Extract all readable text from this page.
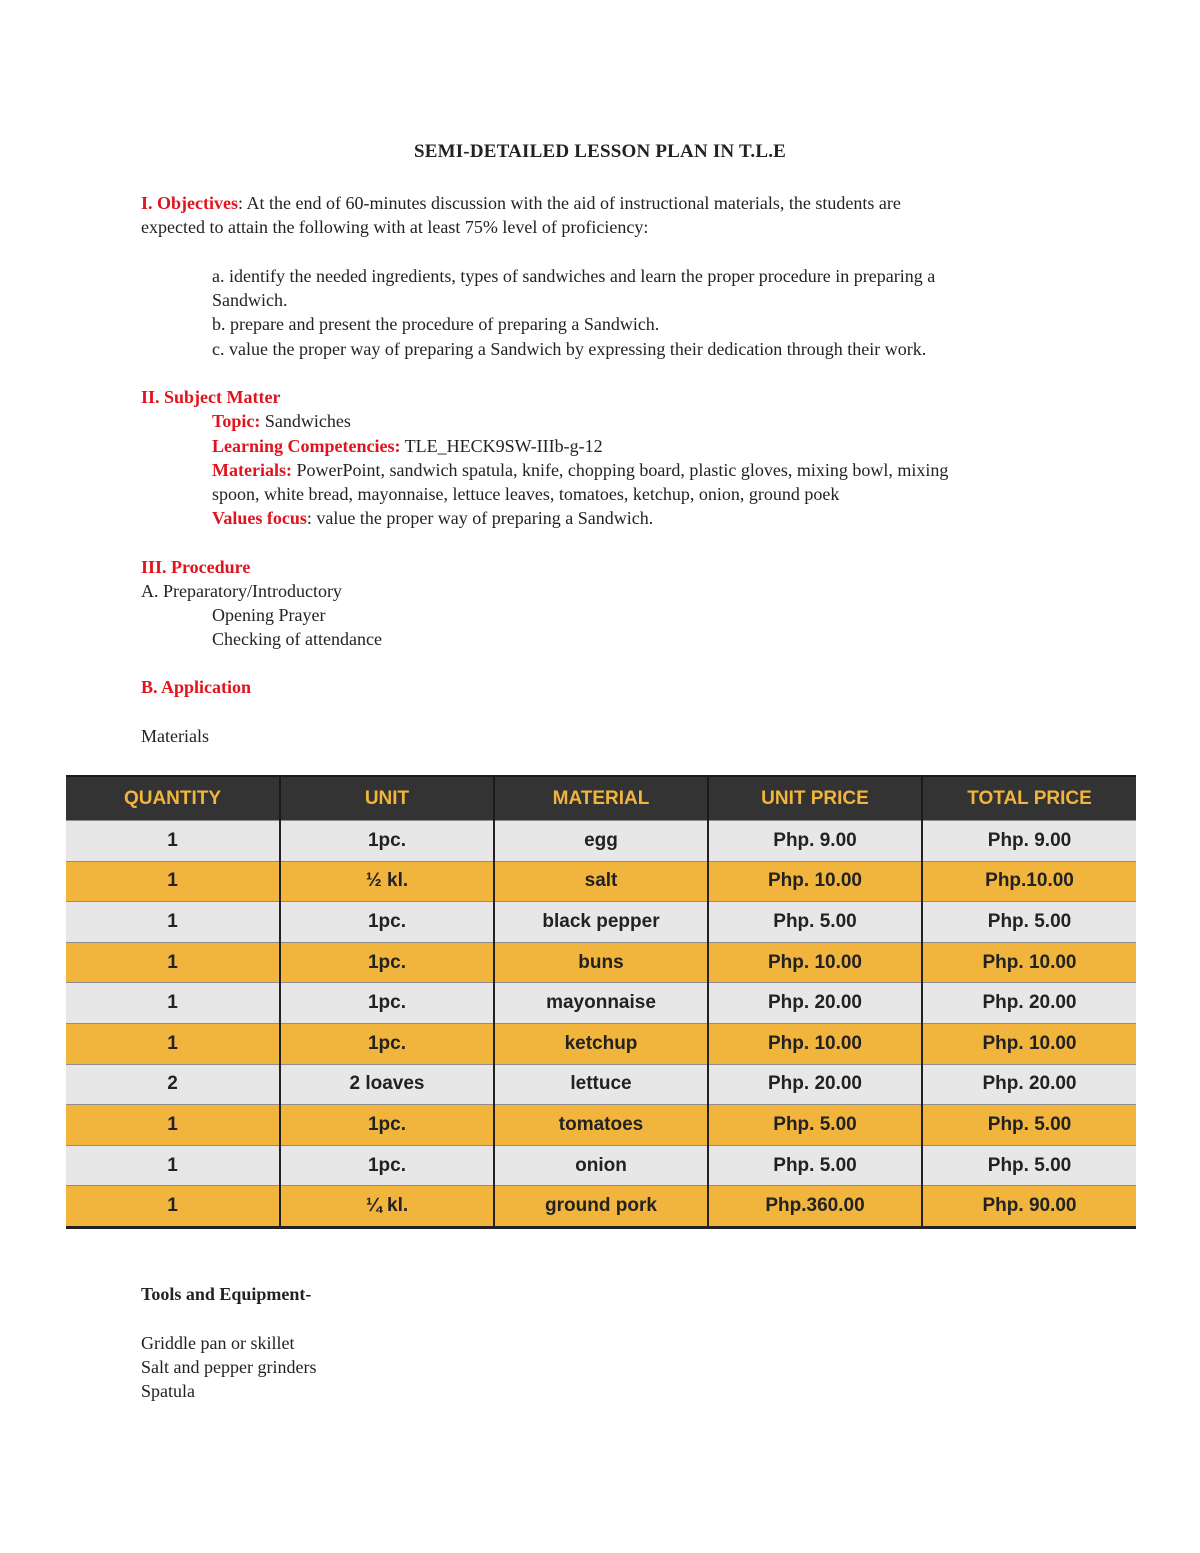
SEMI-DETAILED LESSON PLAN IN T.L.E
I. Objectives: At the end of 60-minutes discussion with the aid of instructional materials, the students are
expected to attain the following with at least 75% level of proficiency:
a. identify the needed ingredients, types of sandwiches and learn the proper procedure in preparing a
Sandwich.
b. prepare and present the procedure of preparing a Sandwich.
c. value the proper way of preparing a Sandwich by expressing their dedication through their work.
II. Subject Matter
Topic: Sandwiches
Learning Competencies: TLE_HECK9SW-IIIb-g-12
Materials: PowerPoint, sandwich spatula, knife, chopping board, plastic gloves, mixing bowl, mixing
spoon, white bread, mayonnaise, lettuce leaves, tomatoes, ketchup, onion, ground poek
Values focus: value the proper way of preparing a Sandwich.
III. Procedure
A. Preparatory/Introductory
Opening Prayer
Checking of attendance
B. Application
Materials
QUANTITY	UNIT	MATERIAL	UNIT PRICE	TOTAL PRICE
1	1pc.	egg	Php. 9.00	Php. 9.00
1	½ kl.	salt	Php. 10.00	Php.10.00
1	1pc.	black pepper	Php. 5.00	Php. 5.00
1	1pc.	buns	Php. 10.00	Php. 10.00
1	1pc.	mayonnaise	Php. 20.00	Php. 20.00
1	1pc.	ketchup	Php. 10.00	Php. 10.00
2	2 loaves	lettuce	Php. 20.00	Php. 20.00
1	1pc.	tomatoes	Php. 5.00	Php. 5.00
1	1pc.	onion	Php. 5.00	Php. 5.00
1	¼ kl.	ground pork	Php.360.00	Php. 90.00
Tools and Equipment-
Griddle pan or skillet
Salt and pepper grinders
Spatula
